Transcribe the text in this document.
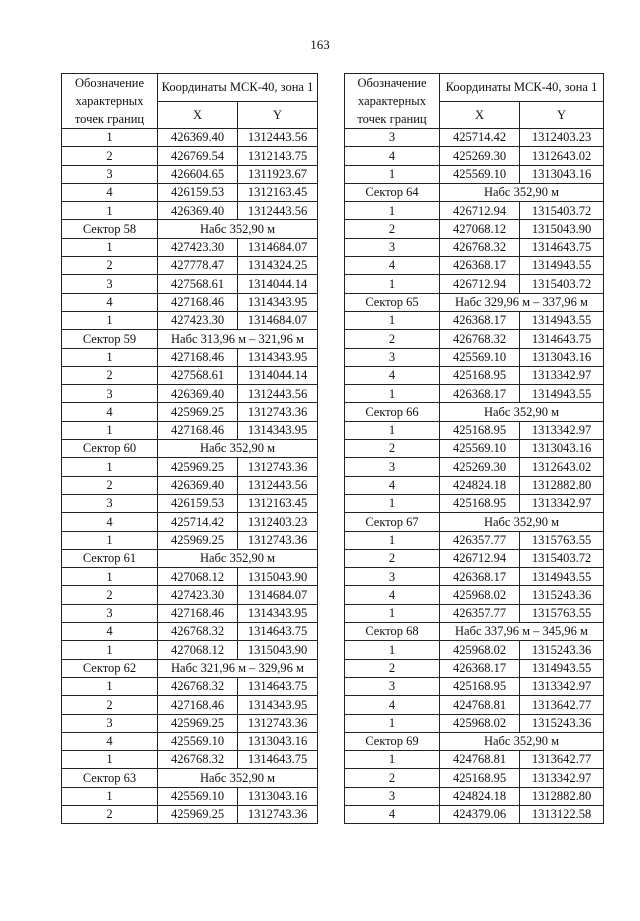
163
Обозначение характерных точек границ	Координаты МСК-40, зона 1	
	X	Y
1	426369.40	1312443.56
2	426769.54	1312143.75
3	426604.65	1311923.67
4	426159.53	1312163.45
1	426369.40	1312443.56
Сектор 58	Набс 352,90 м	
1	427423.30	1314684.07
2	427778.47	1314324.25
3	427568.61	1314044.14
4	427168.46	1314343.95
1	427423.30	1314684.07
Сектор 59	Набс 313,96 м – 321,96 м	
1	427168.46	1314343.95
2	427568.61	1314044.14
3	426369.40	1312443.56
4	425969.25	1312743.36
1	427168.46	1314343.95
Сектор 60	Набс 352,90 м	
1	425969.25	1312743.36
2	426369.40	1312443.56
3	426159.53	1312163.45
4	425714.42	1312403.23
1	425969.25	1312743.36
Сектор 61	Набс 352,90 м	
1	427068.12	1315043.90
2	427423.30	1314684.07
3	427168.46	1314343.95
4	426768.32	1314643.75
1	427068.12	1315043.90
Сектор 62	Набс 321,96 м – 329,96 м	
1	426768.32	1314643.75
2	427168.46	1314343.95
3	425969.25	1312743.36
4	425569.10	1313043.16
1	426768.32	1314643.75
Сектор 63	Набс 352,90 м	
1	425569.10	1313043.16
2	425969.25	1312743.36
Обозначение характерных точек границ	Координаты МСК-40, зона 1	
	X	Y
3	425714.42	1312403.23
4	425269.30	1312643.02
1	425569.10	1313043.16
Сектор 64	Набс 352,90 м	
1	426712.94	1315403.72
2	427068.12	1315043.90
3	426768.32	1314643.75
4	426368.17	1314943.55
1	426712.94	1315403.72
Сектор 65	Набс 329,96 м – 337,96 м	
1	426368.17	1314943.55
2	426768.32	1314643.75
3	425569.10	1313043.16
4	425168.95	1313342.97
1	426368.17	1314943.55
Сектор 66	Набс 352,90 м	
1	425168.95	1313342.97
2	425569.10	1313043.16
3	425269.30	1312643.02
4	424824.18	1312882.80
1	425168.95	1313342.97
Сектор 67	Набс 352,90 м	
1	426357.77	1315763.55
2	426712.94	1315403.72
3	426368.17	1314943.55
4	425968.02	1315243.36
1	426357.77	1315763.55
Сектор 68	Набс 337,96 м – 345,96 м	
1	425968.02	1315243.36
2	426368.17	1314943.55
3	425168.95	1313342.97
4	424768.81	1313642.77
1	425968.02	1315243.36
Сектор 69	Набс 352,90 м	
1	424768.81	1313642.77
2	425168.95	1313342.97
3	424824.18	1312882.80
4	424379.06	1313122.58
